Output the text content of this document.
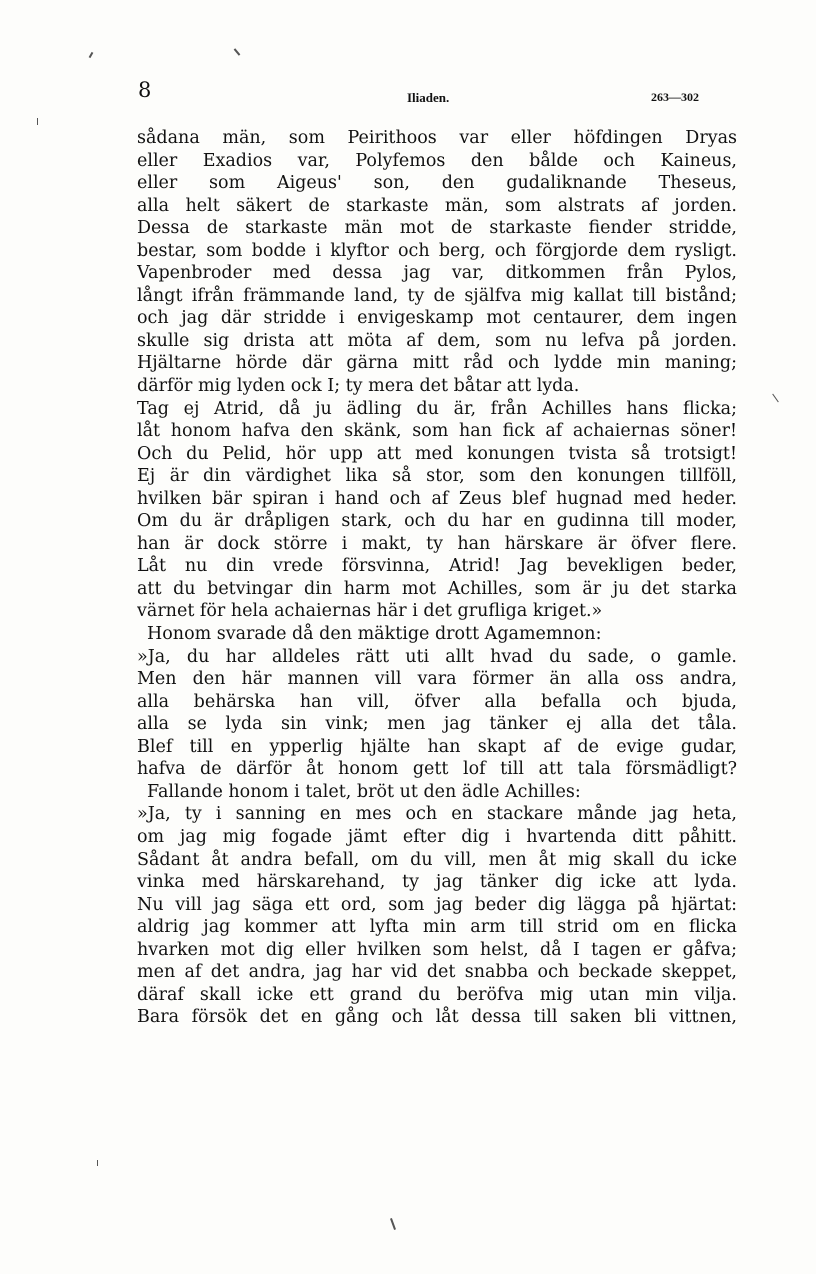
8	Iliaden.	263—302
sådana män, som Peirithoos var eller höfdingen Dryas
eller Exadios var, Polyfemos den bålde och Kaineus,
eller som Aigeus' son, den gudaliknande Theseus,
alla helt säkert de starkaste män, som alstrats af jorden.
Dessa de starkaste män mot de starkaste fiender stridde,
bestar, som bodde i klyftor och berg, och förgjorde dem rysligt.
Vapenbroder med dessa jag var, ditkommen från Pylos,
långt ifrån främmande land, ty de själfva mig kallat till bistånd;
och jag där stridde i envigeskamp mot centaurer, dem ingen
skulle sig drista att möta af dem, som nu lefva på jorden.
Hjältarne hörde där gärna mitt råd och lydde min maning;
därför mig lyden ock I; ty mera det båtar att lyda.
Tag ej Atrid, då ju ädling du är, från Achilles hans flicka;
låt honom hafva den skänk, som han fick af achaiernas söner!
Och du Pelid, hör upp att med konungen tvista så trotsigt!
Ej är din värdighet lika så stor, som den konungen tillföll,
hvilken bär spiran i hand och af Zeus blef hugnad med heder.
Om du är dråpligen stark, och du har en gudinna till moder,
han är dock större i makt, ty han härskare är öfver flere.
Låt nu din vrede försvinna, Atrid! Jag bevekligen beder,
att du betvingar din harm mot Achilles, som är ju det starka
värnet för hela achaiernas här i det grufliga kriget.»
Honom svarade då den mäktige drott Agamemnon:
»Ja, du har alldeles rätt uti allt hvad du sade, o gamle.
Men den här mannen vill vara förmer än alla oss andra,
alla behärska han vill, öfver alla befalla och bjuda,
alla se lyda sin vink; men jag tänker ej alla det tåla.
Blef till en ypperlig hjälte han skapt af de evige gudar,
hafva de därför åt honom gett lof till att tala försmädligt?
Fallande honom i talet, bröt ut den ädle Achilles:
»Ja, ty i sanning en mes och en stackare månde jag heta,
om jag mig fogade jämt efter dig i hvartenda ditt påhitt.
Sådant åt andra befall, om du vill, men åt mig skall du icke
vinka med härskarehand, ty jag tänker dig icke att lyda.
Nu vill jag säga ett ord, som jag beder dig lägga på hjärtat:
aldrig jag kommer att lyfta min arm till strid om en flicka
hvarken mot dig eller hvilken som helst, då I tagen er gåfva;
men af det andra, jag har vid det snabba och beckade skeppet,
däraf skall icke ett grand du beröfva mig utan min vilja.
Bara försök det en gång och låt dessa till saken bli vittnen,
